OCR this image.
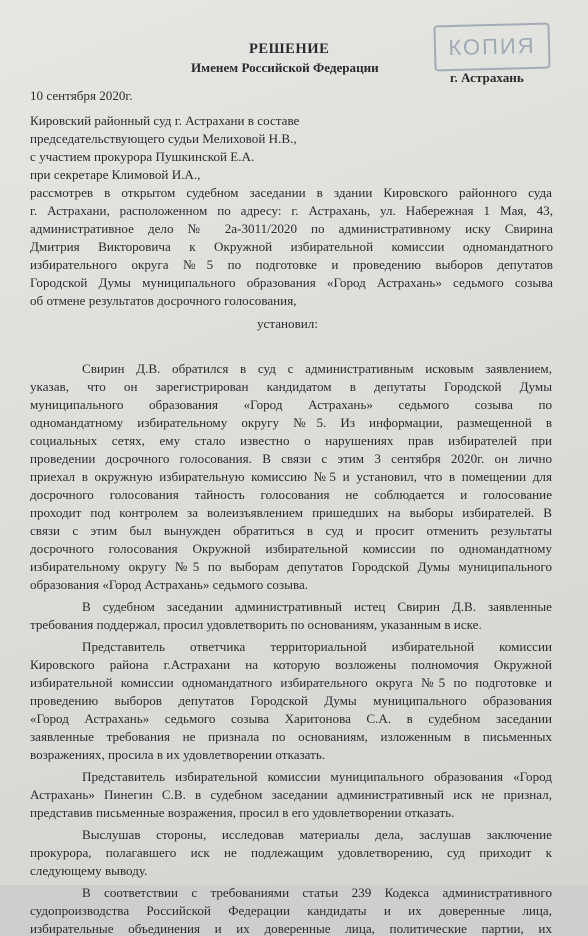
КОПИЯ
РЕШЕНИЕ
Именем Российской Федерации
10 сентября 2020г.
г. Астрахань
Кировский районный суд г. Астрахани в составе
председательствующего судьи Мелиховой Н.В.,
с участием прокурора Пушкинской Е.А.
при секретаре Климовой И.А.,
рассмотрев в открытом судебном заседании в здании Кировского районного суда
г. Астрахани, расположенном по адресу: г. Астрахань, ул. Набережная 1 Мая, 43,
административное дело № 2а-3011/2020 по административному иску Свирина
Дмитрия Викторовича к Окружной избирательной комиссии одномандатного
избирательного округа №5 по подготовке и проведению выборов депутатов
Городской Думы муниципального образования «Город Астрахань» седьмого созыва
об отмене результатов досрочного голосования,
установил:
Свирин Д.В. обратился в суд с административным исковым заявлением,
указав, что он зарегистрирован кандидатом в депутаты Городской Думы
муниципального образования «Город Астрахань» седьмого созыва по
одномандатному избирательному округу №5. Из информации, размещенной в
социальных сетях, ему стало известно о нарушениях прав избирателей при
проведении досрочного голосования. В связи с этим 3 сентября 2020г. он лично
приехал в окружную избирательную комиссию №5 и установил, что в помещении для
досрочного голосования тайность голосования не соблюдается и голосование
проходит под контролем за волеизъявлением пришедших на выборы избирателей. В
связи с этим был вынужден обратиться в суд и просит отменить результаты
досрочного голосования Окружной избирательной комиссии по одномандатному
избирательному округу №5 по выборам депутатов Городской Думы муниципального
образования «Город Астрахань» седьмого созыва.
В судебном заседании административный истец Свирин Д.В. заявленные
требования поддержал, просил удовлетворить по основаниям, указанным в иске.
Представитель ответчика территориальной избирательной комиссии
Кировского района г.Астрахани на которую возложены полномочия Окружной
избирательной комиссии одномандатного избирательного округа №5 по подготовке и
проведению выборов депутатов Городской Думы муниципального образования
«Город Астрахань» седьмого созыва Харитонова С.А. в судебном заседании
заявленные требования не признала по основаниям, изложенным в письменных
возражениях, просила в их удовлетворении отказать.
Представитель избирательной комиссии муниципального образования «Город
Астрахань» Пинегин С.В. в судебном заседании административный иск не признал,
представив письменные возражения, просил в его удовлетворении отказать.
Выслушав стороны, исследовав материалы дела, заслушав заключение
прокурора, полагавшего иск не подлежащим удовлетворению, суд приходит к
следующему выводу.
В соответствии с требованиями статьи 239 Кодекса административного
судопроизводства Российской Федерации кандидаты и их доверенные лица,
избирательные объединения и их доверенные лица, политические партии, их
